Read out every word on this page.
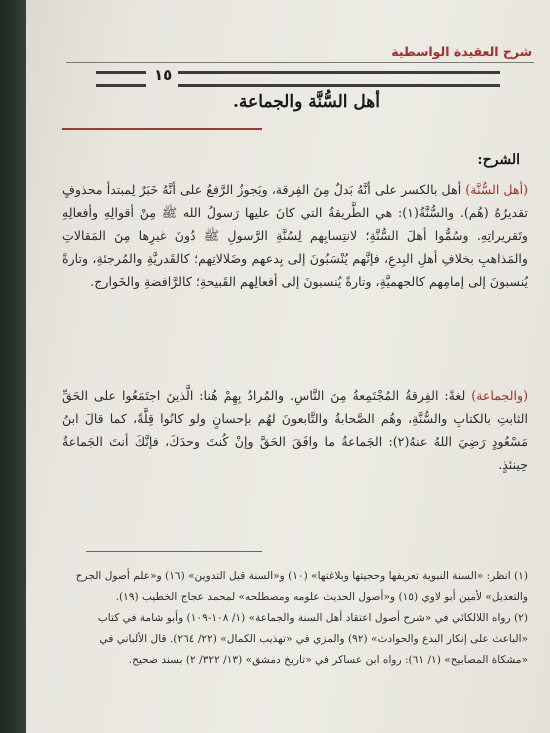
شرح العقيدة الواسطية
١٥
أهل السُّنَّة والجماعة.
الشرح:
(أهل السُّنَّة) أهل بالكسر على أنَّهُ بَدلٌ مِنَ الفِرقة، ويَجوزُ الرَّفعُ على أنَّهُ خَبَرٌ لِمبتدأ محذوفٍ تقديرُهُ (هُم). والسُّنَّةُ(١): هي الطَّريقةُ التي كانَ عليها رَسولُ الله ﷺ مِنْ أقوالِهِ وأفعالِهِ وتَقريراتِهِ. وسُمُّوا أهلَ السُّنَّةِ؛ لانتِسابِهم لِسُنَّةِ الرَّسولِ ﷺ دُونَ غيرِها مِنَ المَقالاتِ والمَذاهبِ بخلافِ أهلِ البِدعِ، فإنَّهم يُنْسَبُونَ إلى بِدعهم وضَلالاتِهم؛ كالقَدريَّةِ والمُرجئةِ، وتارةً يُنسبونَ إلى إمامِهم كالجهميَّةِ، وتارةً يُنسبونَ إلى أفعالِهم القَبيحةِ؛ كالرَّافضةِ والخَوارج.
(والجماعة) لغةً: الفِرقةُ المُجْتَمِعةُ مِنَ النَّاسِ. والمُرادُ بِهِمْ هُنا: الَّذينَ اجتَمَعُوا على الحَقِّ الثابتِ بالكتابِ والسُّنَّةِ، وهُم الصَّحابةُ والتَّابعونَ لهُم بإحسانٍ ولو كانُوا قِلَّةً، كما قالَ ابنُ مَسْعُودٍ رَضِيَ اللهُ عنهُ(٢): الجَماعةُ ما وافَقَ الحَقَّ وإنْ كُنتَ وحدَكَ، فإنَّكَ أنتَ الجَماعةُ حِينئذٍ.

(١) انظر: «السنة النبوية تعريفها وحجيتها وبلاغتها» (١٠) و«السنة قبل التدوين» (١٦) و«علم أصول الجرح والتعديل» لأمين أبو لاوي (١٥) و«أصول الحديث علومه ومصطلحه» لمحمد عجاج الخطيب (١٩).

(٢) رواه اللالكائي في «شرح أصول اعتقاد أهل السنة والجماعة» (١/ ١٠٨-١٠٩) وأبو شامة في كتاب «الباعث على إنكار البدع والحوادث» (٩٢) والمزي في «تهذيب الكمال» (٢٢/ ٢٦٤). قال الألباني في «مشكاة المصابيح» (١/ ٦١): رواه ابن عساكر في «تاريخ دمشق» (١٣/ ٣٢٢/ ٢) بسند صحيح.
